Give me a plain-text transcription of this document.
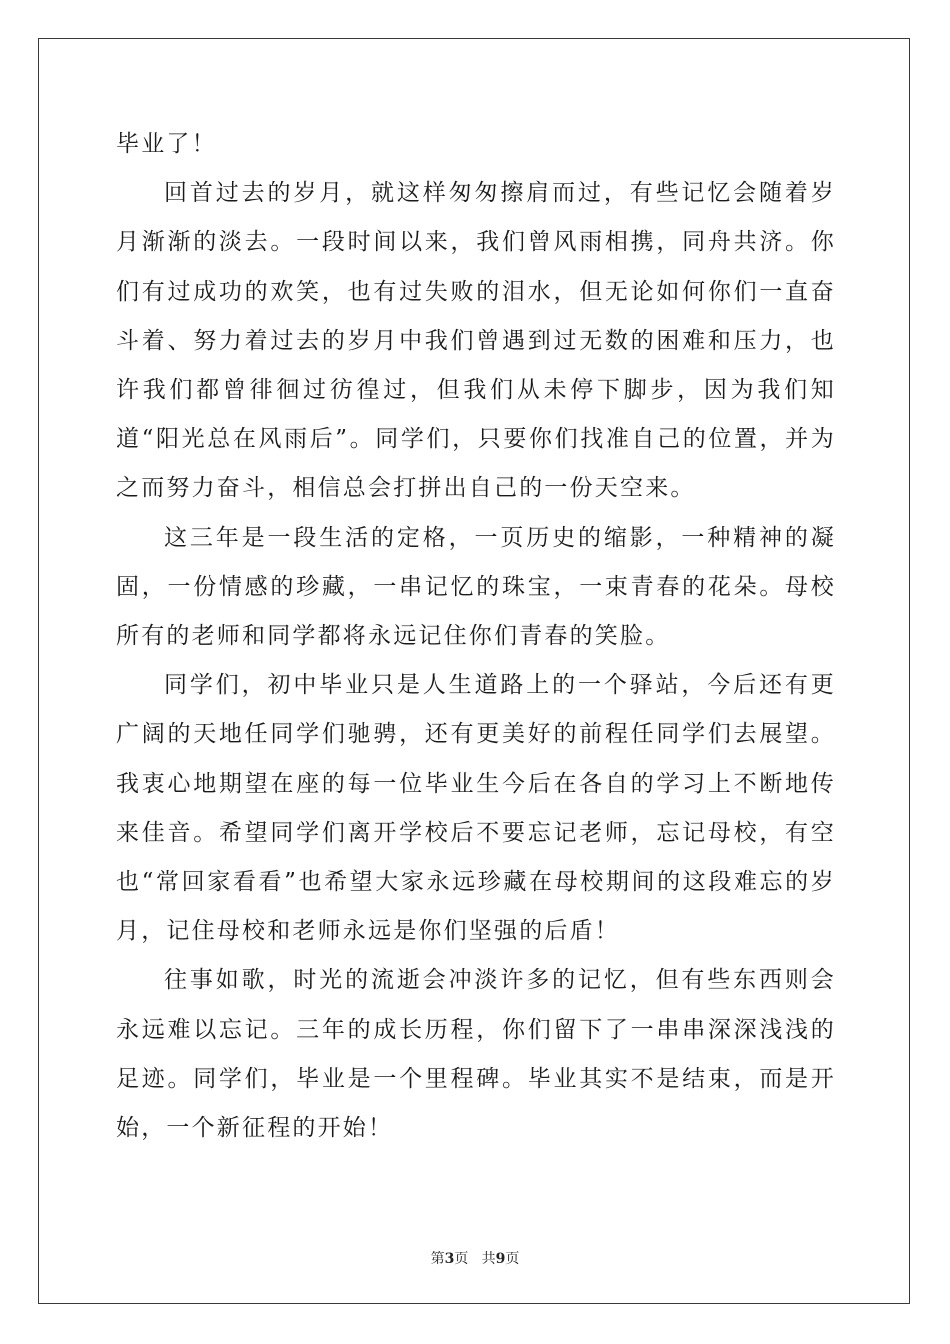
毕业了！

回首过去的岁月，就这样匆匆擦肩而过，有些记忆会随着岁月渐渐的淡去。一段时间以来，我们曾风雨相携，同舟共济。你们有过成功的欢笑，也有过失败的泪水，但无论如何你们一直奋斗着、努力着过去的岁月中我们曾遇到过无数的困难和压力，也许我们都曾徘徊过彷徨过，但我们从未停下脚步，因为我们知道“阳光总在风雨后”。同学们，只要你们找准自己的位置，并为之而努力奋斗，相信总会打拼出自己的一份天空来。

这三年是一段生活的定格，一页历史的缩影，一种精神的凝固，一份情感的珍藏，一串记忆的珠宝，一束青春的花朵。母校所有的老师和同学都将永远记住你们青春的笑脸。

同学们，初中毕业只是人生道路上的一个驿站，今后还有更广阔的天地任同学们驰骋，还有更美好的前程任同学们去展望。我衷心地期望在座的每一位毕业生今后在各自的学习上不断地传来佳音。希望同学们离开学校后不要忘记老师，忘记母校，有空也“常回家看看”也希望大家永远珍藏在母校期间的这段难忘的岁月，记住母校和老师永远是你们坚强的后盾！

往事如歌，时光的流逝会冲淡许多的记忆，但有些东西则会永远难以忘记。三年的成长历程，你们留下了一串串深深浅浅的足迹。同学们，毕业是一个里程碑。毕业其实不是结束，而是开始，一个新征程的开始！

第3页 共9页
